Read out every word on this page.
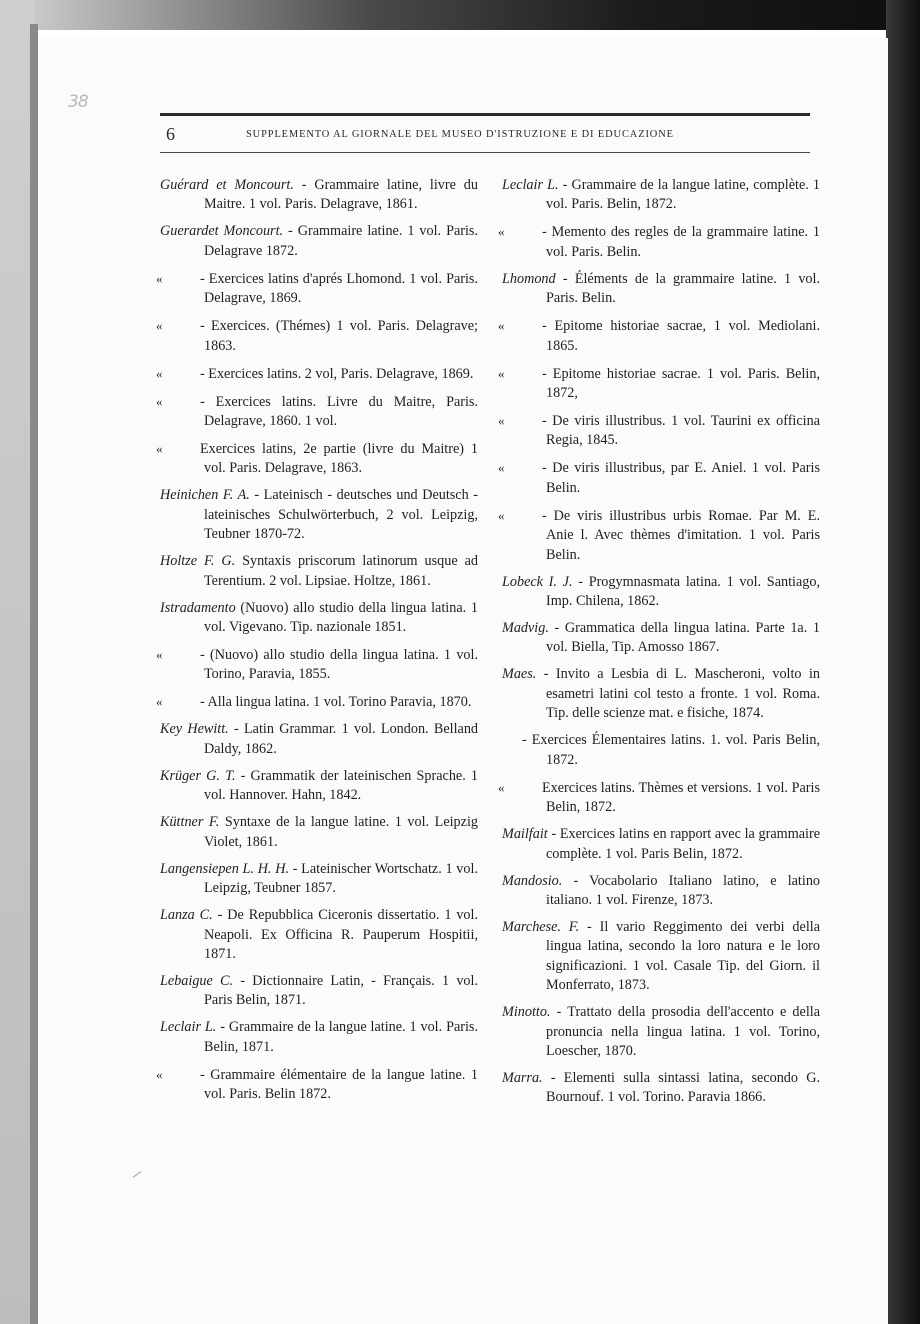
38
6	SUPPLEMENTO AL GIORNALE DEL MUSEO D'ISTRUZIONE E DI EDUCAZIONE

Guérard et Moncourt. - Grammaire latine, livre du Maitre. 1 vol. Paris. Delagrave, 1861.

Guerardet Moncourt. - Grammaire latine. 1 vol. Paris. Delagrave 1872.

«	- Exercices latins d'aprés Lhomond. 1 vol. Paris. Delagrave, 1869.

«	- Exercices. (Thémes) 1 vol. Paris. Delagrave; 1863.

«	- Exercices latins. 2 vol, Paris. Delagrave, 1869.

«	- Exercices latins. Livre du Maitre, Paris. Delagrave, 1860. 1 vol.

«	Exercices latins, 2e partie (livre du Maitre) 1 vol. Paris. Delagrave, 1863.

Heinichen F. A. - Lateinisch - deutsches und Deutsch - lateinisches Schulwörterbuch, 2 vol. Leipzig, Teubner 1870-72.

Holtze F. G. Syntaxis priscorum latinorum usque ad Terentium. 2 vol. Lipsiae. Holtze, 1861.

Istradamento (Nuovo) allo studio della lingua latina. 1 vol. Vigevano. Tip. nazionale 1851.

«	- (Nuovo) allo studio della lingua latina. 1 vol. Torino, Paravia, 1855.

«	- Alla lingua latina. 1 vol. Torino Paravia, 1870.

Key Hewitt. - Latin Grammar. 1 vol. London. Belland Daldy, 1862.

Krüger G. T. - Grammatik der lateinischen Sprache. 1 vol. Hannover. Hahn, 1842.

Küttner F. Syntaxe de la langue latine. 1 vol. Leipzig Violet, 1861.

Langensiepen L. H. H. - Lateinischer Wortschatz. 1 vol. Leipzig, Teubner 1857.

Lanza C. - De Repubblica Ciceronis dissertatio. 1 vol. Neapoli. Ex Officina R. Pauperum Hospitii, 1871.

Lebaigue C. - Dictionnaire Latin, - Français. 1 vol. Paris Belin, 1871.

Leclair L. - Grammaire de la langue latine. 1 vol. Paris. Belin, 1871.

«	- Grammaire élémentaire de la langue latine. 1 vol. Paris. Belin 1872.

Leclair L. - Grammaire de la langue latine, complète. 1 vol. Paris. Belin, 1872.

«	- Memento des regles de la grammaire latine. 1 vol. Paris. Belin.

Lhomond - Éléments de la grammaire latine. 1 vol. Paris. Belin.

«	- Epitome historiae sacrae, 1 vol. Mediolani. 1865.

«	- Epitome historiae sacrae. 1 vol. Paris. Belin, 1872,

«	- De viris illustribus. 1 vol. Taurini ex officina Regia, 1845.

«	- De viris illustribus, par E. Aniel. 1 vol. Paris Belin.

«	- De viris illustribus urbis Romae. Par M. E. Anie l. Avec thèmes d'imitation. 1 vol. Paris Belin.

Lobeck I. J. - Progymnasmata latina. 1 vol. Santiago, Imp. Chilena, 1862.

Madvig. - Grammatica della lingua latina. Parte 1a. 1 vol. Biella, Tip. Amosso 1867.

Maes. - Invito a Lesbia di L. Mascheroni, volto in esametri latini col testo a fronte. 1 vol. Roma. Tip. delle scienze mat. e fisiche, 1874.

- Exercices Élementaires latins. 1. vol. Paris Belin, 1872.

«	Exercices latins. Thèmes et versions. 1 vol. Paris Belin, 1872.

Mailfait - Exercices latins en rapport avec la grammaire complète. 1 vol. Paris Belin, 1872.

Mandosio. - Vocabolario Italiano latino, e latino italiano. 1 vol. Firenze, 1873.

Marchese. F. - Il vario Reggimento dei verbi della lingua latina, secondo la loro natura e le loro significazioni. 1 vol. Casale Tip. del Giorn. il Monferrato, 1873.

Minotto. - Trattato della prosodia dell'accento e della pronuncia nella lingua latina. 1 vol. Torino, Loescher, 1870.

Marra. - Elementi sulla sintassi latina, secondo G. Bournouf. 1 vol. Torino. Paravia 1866.
